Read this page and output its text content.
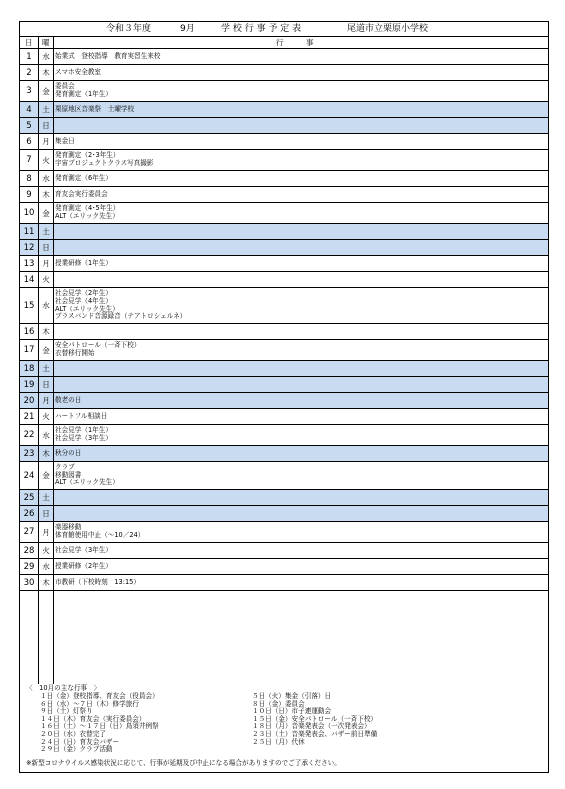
令和３年度	9月	学 校 行 事 予 定 表	尾道市立栗原小学校
日 曜	行　　　事
1	水 始業式　登校指導　教育実習生来校
2	木 スマホ安全教室
3	金
委員会
発育測定（1年生）
4	土 栗原地区音楽祭　土曜学校
5	日
6	月 集金日
7	火
発育測定（2･3年生）
宇宙プロジェクトクラス写真撮影
8	水 発育測定（6年生）
9	木 育友会実行委員会
10	金
発育測定（4･5年生）
ALT（エリック先生）
11	土
12	日
13	月 授業研修（1年生）
14	火
15	水
社会見学（2年生）
社会見学（4年生）
ALT（エリック先生）
ブラスバンド音源録音（テアトロシェルネ）
16	木
17	金
安全パトロール（一斉下校）
衣替移行開始
18	土
19	日
20	月 敬老の日
21	火 ハートフル相談日
22	水
社会見学（1年生）
社会見学（3年生）
23	木 秋分の日
24	金
クラブ
移動図書
ALT（エリック先生）
25	土
26	日
27	月
楽器移動
体育館使用中止（～10／24）
28	火 社会見学（3年生）
29	水 授業研修（2年生）
30	木 市教研（下校時刻　13:15）
〈　10月の主な行事　〉
１日（金）登校指導、育友会（役員会）
６日（水）～７日（木）修学旅行
９日（土）灯祭り
１４日（木）育友会（実行委員会）
１６日（土）～１７日（日）鳥須井例祭
２０日（水）衣替完了
２４日（日）育友会バザー
２９日（金）クラブ活動
５日（火）集金（引落）日
８日（金）委員会
１０日（日）市子連運動会
１５日（金）安全パトロール（一斉下校）
１８日（月）音楽発表会（一次発表会）
２３日（土）音楽発表会、バザー前日準備
２５日（月）代休
※新型コロナウイルス感染状況に応じて、行事が延期及び中止になる場合がありますのでご了承ください。
